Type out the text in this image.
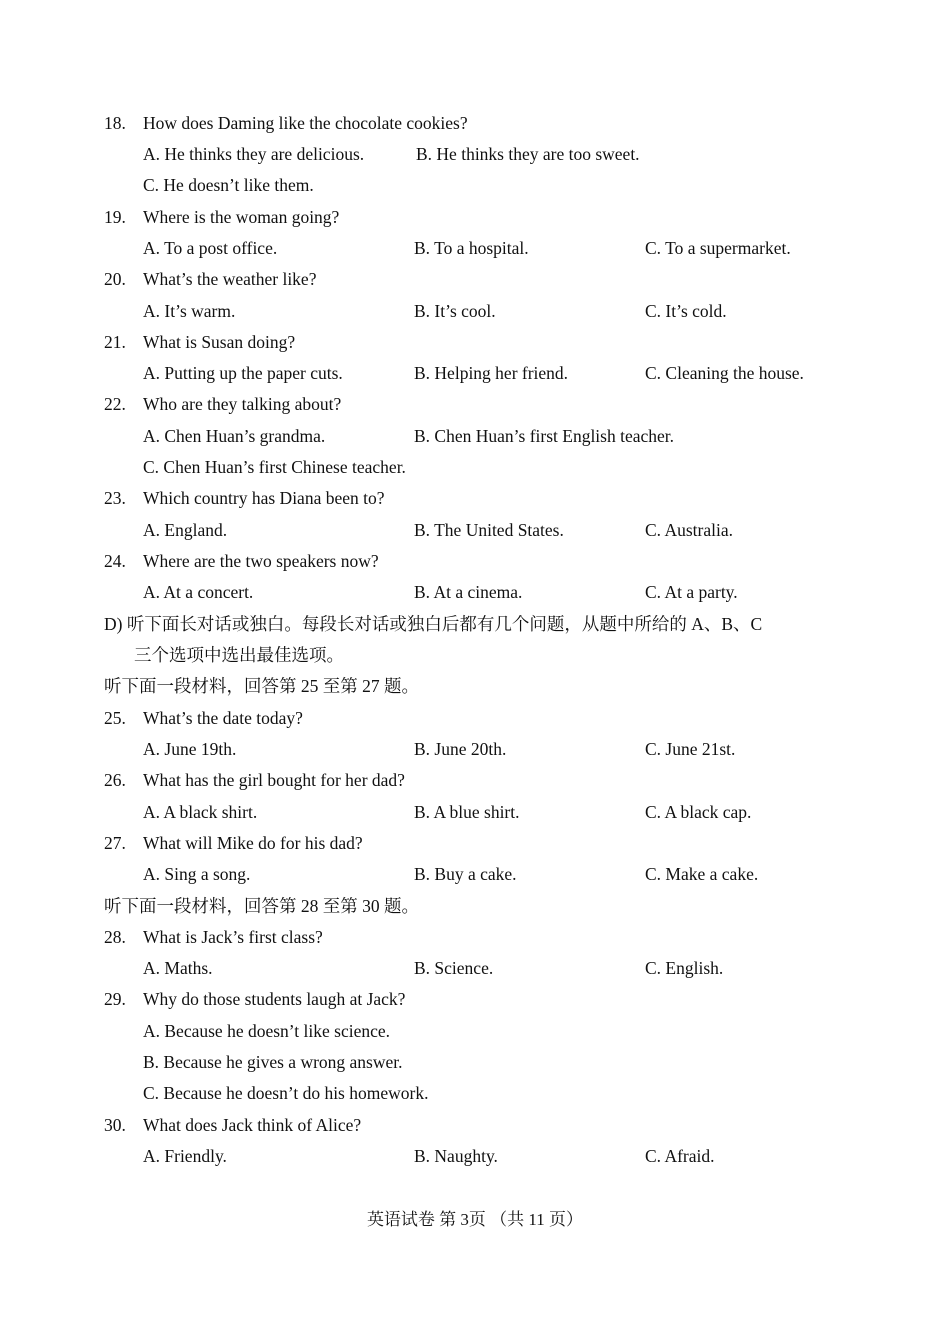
18. How does Daming like the chocolate cookies?
A. He thinks they are delicious.	B. He thinks they are too sweet.
C. He doesn’t like them.
19. Where is the woman going?
A. To a post office.	B. To a hospital.	C. To a supermarket.
20. What’s the weather like?
A. It’s warm.	B. It’s cool.	C. It’s cold.
21. What is Susan doing?
A. Putting up the paper cuts.	B. Helping her friend.	C. Cleaning the house.
22. Who are they talking about?
A. Chen Huan’s grandma.	B. Chen Huan’s first English teacher.
C. Chen Huan’s first Chinese teacher.
23. Which country has Diana been to?
A. England.	B. The United States.	C. Australia.
24. Where are the two speakers now?
A. At a concert.	B. At a cinema.	C. At a party.
D) 听下面长对话或独白。每段长对话或独白后都有几个问题，从题中所给的 A、B、C
三个选项中选出最佳选项。
听下面一段材料，回答第 25 至第 27 题。
25. What’s the date today?
A. June 19th.	B. June 20th.	C. June 21st.
26. What has the girl bought for her dad?
A. A black shirt.	B. A blue shirt.	C. A black cap.
27. What will Mike do for his dad?
A. Sing a song.	B. Buy a cake.	C. Make a cake.
听下面一段材料，回答第 28 至第 30 题。
28. What is Jack’s first class?
A. Maths.	B. Science.	C. English.
29. Why do those students laugh at Jack?
A. Because he doesn’t like science.
B. Because he gives a wrong answer.
C. Because he doesn’t do his homework.
30. What does Jack think of Alice?
A. Friendly.	B. Naughty.	C. Afraid.
英语试卷 第 3页 （共 11 页）
